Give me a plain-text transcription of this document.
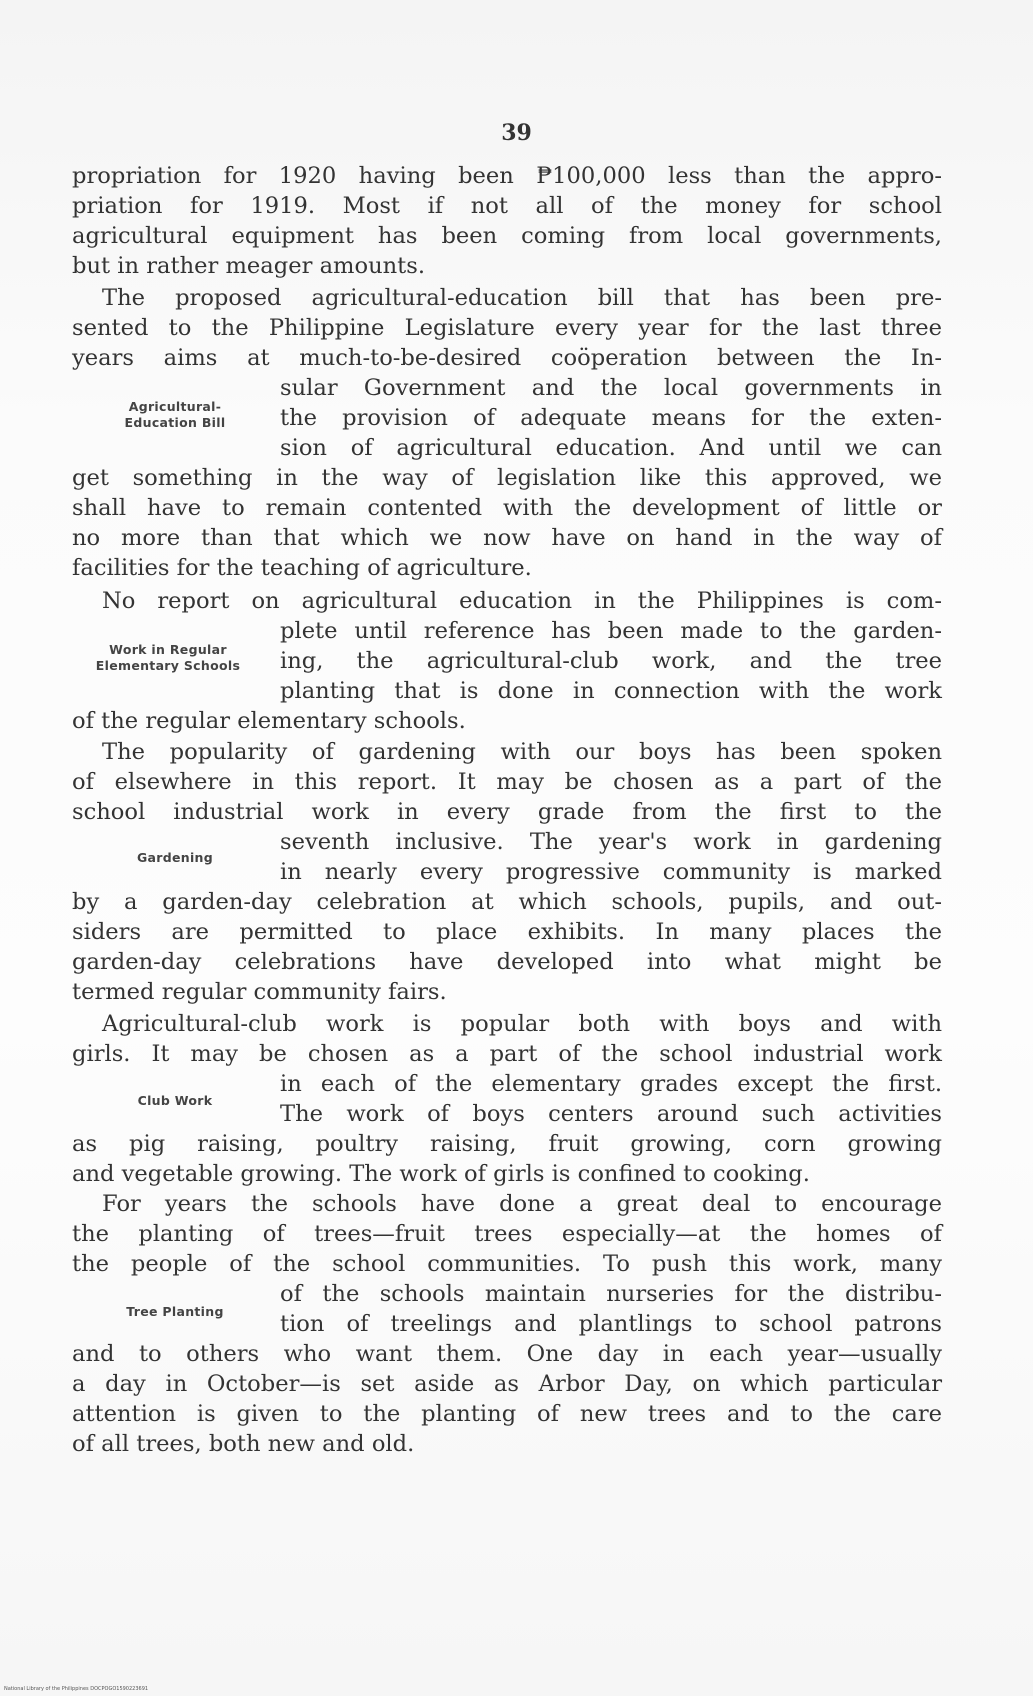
39
propriation for 1920 having been ₱100,000 less than the appro-
priation for 1919. Most if not all of the money for school
agricultural equipment has been coming from local governments,
but in rather meager amounts.
The proposed agricultural-education bill that has been pre-
sented to the Philippine Legislature every year for the last three
years aims at much-to-be-desired coöperation between the In-
sular Government and the local governments in
the provision of adequate means for the exten-
sion of agricultural education. And until we can
get something in the way of legislation like this approved, we
shall have to remain contented with the development of little or
no more than that which we now have on hand in the way of
facilities for the teaching of agriculture.
Agricultural-
Education Bill
No report on agricultural education in the Philippines is com-
plete until reference has been made to the garden-
ing, the agricultural-club work, and the tree
planting that is done in connection with the work
of the regular elementary schools.
Work in Regular
Elementary Schools
The popularity of gardening with our boys has been spoken
of elsewhere in this report. It may be chosen as a part of the
school industrial work in every grade from the first to the
seventh inclusive. The year's work in gardening
in nearly every progressive community is marked
by a garden-day celebration at which schools, pupils, and out-
siders are permitted to place exhibits. In many places the
garden-day celebrations have developed into what might be
termed regular community fairs.
Gardening
Agricultural-club work is popular both with boys and with
girls. It may be chosen as a part of the school industrial work
in each of the elementary grades except the first.
The work of boys centers around such activities
as pig raising, poultry raising, fruit growing, corn growing
and vegetable growing. The work of girls is confined to cooking.
Club Work
For years the schools have done a great deal to encourage
the planting of trees—fruit trees especially—at the homes of
the people of the school communities. To push this work, many
of the schools maintain nurseries for the distribu-
tion of treelings and plantlings to school patrons
and to others who want them. One day in each year—usually
a day in October—is set aside as Arbor Day, on which particular
attention is given to the planting of new trees and to the care
of all trees, both new and old.
Tree Planting
National Library of the Philippines DOCPOGO1590223691
